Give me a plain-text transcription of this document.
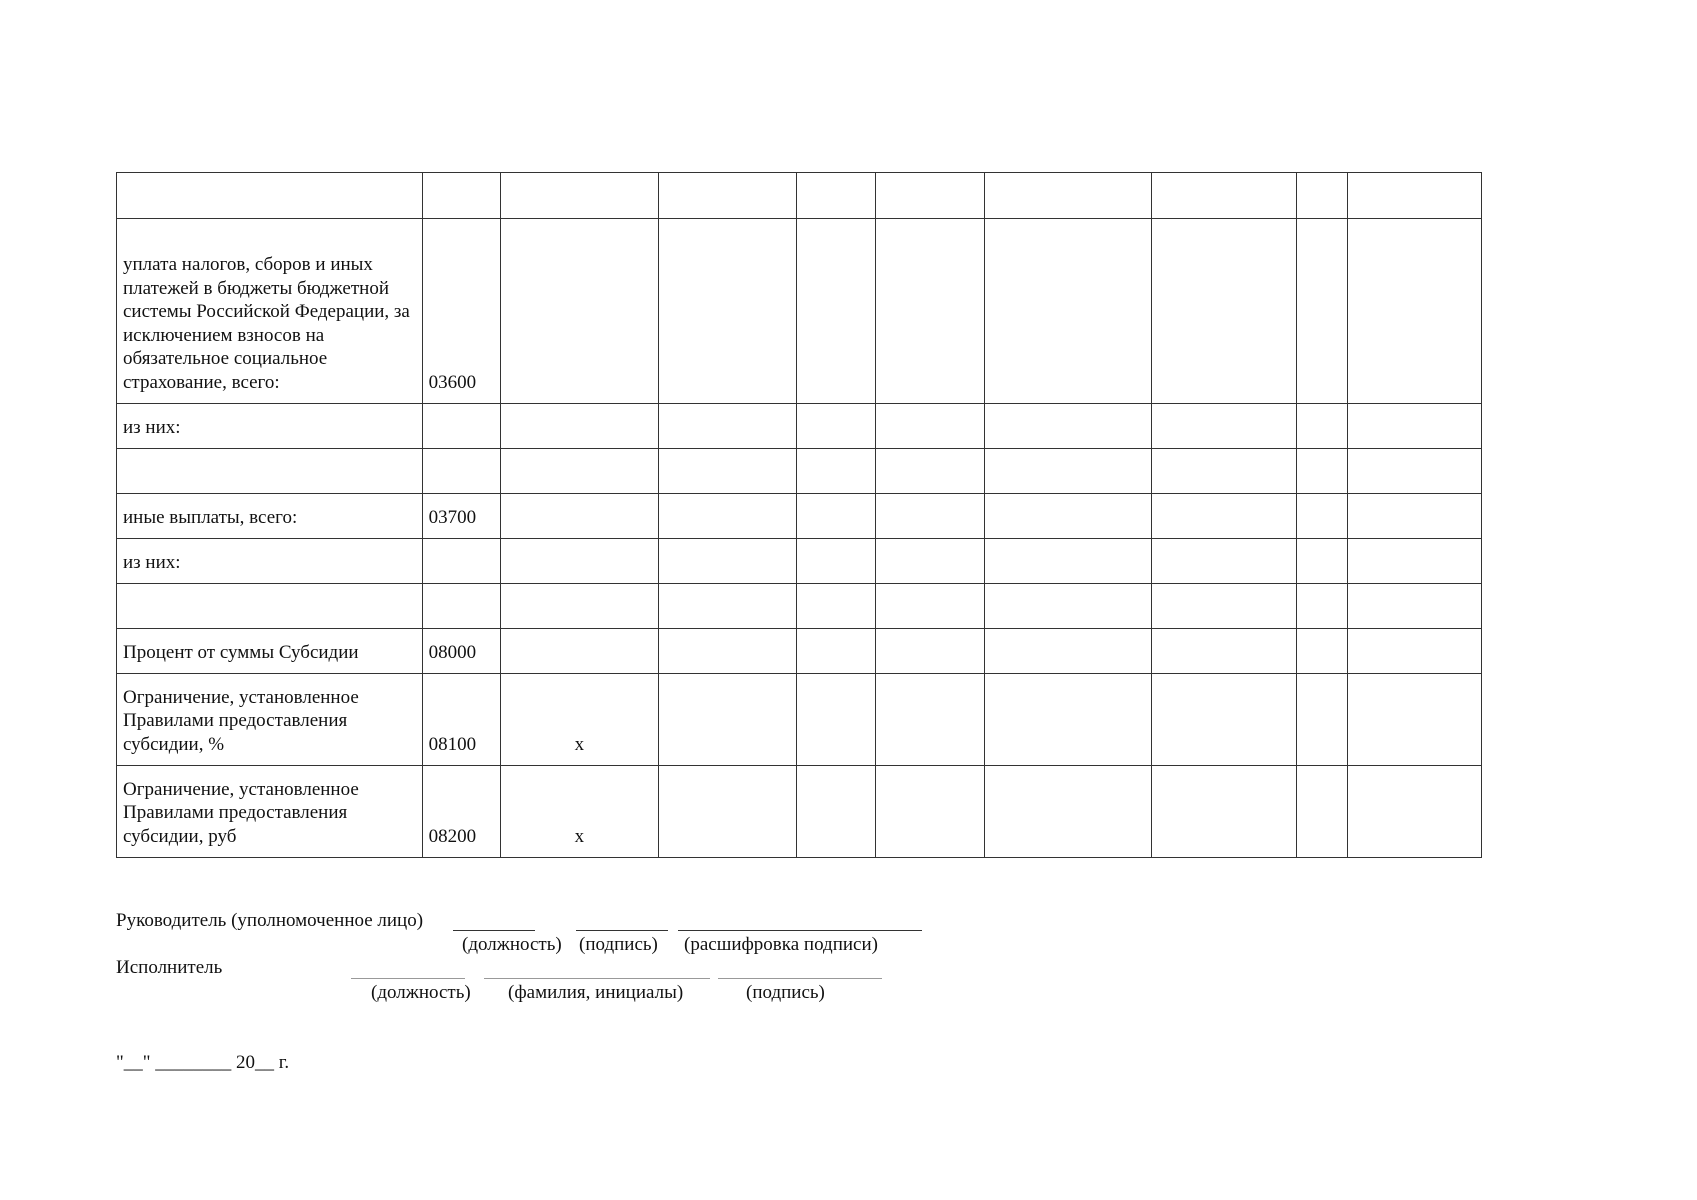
уплата налогов, сборов и иных платежей в бюджеты бюджетной системы Российской Федерации, за исключением взносов на обязательное социальное страхование, всего:	03600								
из них:									

иные выплаты, всего:	03700								
из них:									

Процент от суммы Субсидии	08000								
Ограничение, установленное Правилами предоставления субсидии, %	08100	x							
Ограничение, установленное Правилами предоставления субсидии, руб	08200	x							
Руководитель (уполномоченное лицо)
(должность) (подпись) (расшифровка подписи)
Исполнитель
(должность) (фамилия, инициалы)	(подпись)
"__" ________ 20__ г.
